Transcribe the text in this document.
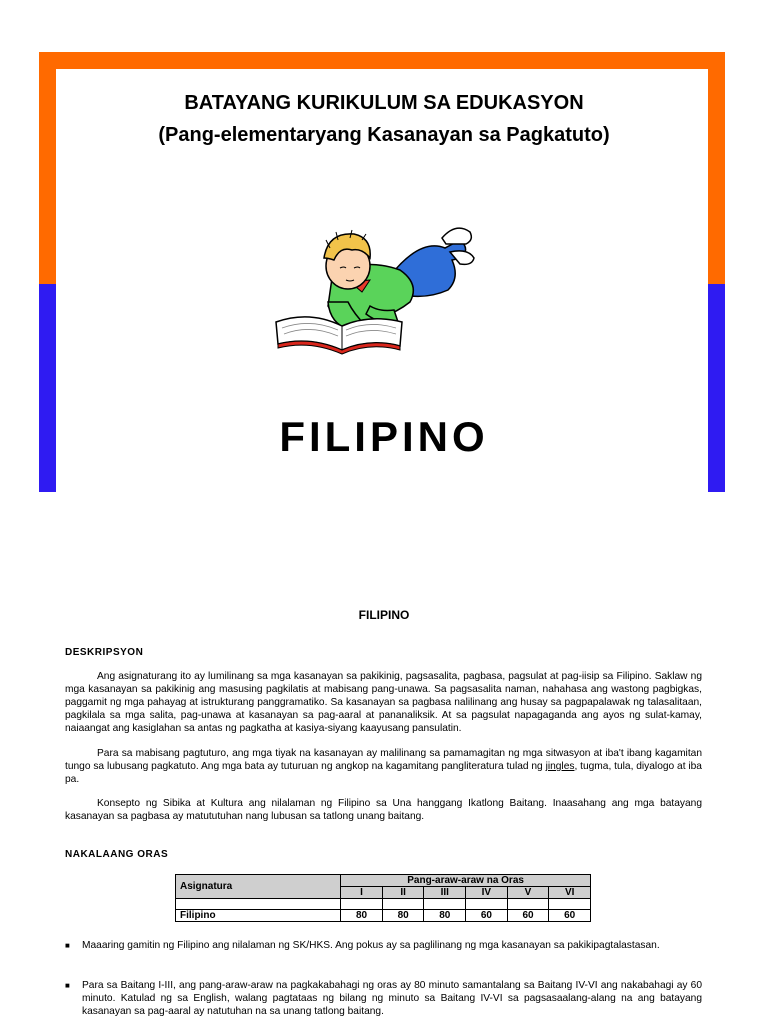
BATAYANG KURIKULUM SA EDUKASYON
(Pang-elementaryang Kasanayan sa Pagkatuto)
FILIPINO
FILIPINO
DESKRIPSYON

Ang asignaturang ito ay lumilinang sa mga kasanayan sa pakikinig, pagsasalita, pagbasa, pagsulat at pag-iisip sa Filipino. Saklaw ng mga kasanayan sa pakikinig ang masusing pagkilatis at mabisang pang-unawa. Sa pagsasalita naman, nahahasa ang wastong pagbigkas, paggamit ng mga pahayag at istrukturang panggramatiko. Sa kasanayan sa pagbasa nalilinang ang husay sa pagpapalawak ng talasalitaan, pagkilala sa mga salita, pag-unawa at kasanayan sa pag-aaral at pananaliksik. At sa pagsulat napagaganda ang ayos ng sulat-kamay, naiaangat ang kasiglahan sa antas ng pagkatha at kasiya-siyang kaayusang pansulatin.

Para sa mabisang pagtuturo, ang mga tiyak na kasanayan ay malilinang sa pamamagitan ng mga sitwasyon at iba't ibang kagamitan tungo sa lubusang pagkatuto. Ang mga bata ay tuturuan ng angkop na kagamitang pangliteratura tulad ng jingles, tugma, tula, diyalogo at iba pa.

Konsepto ng Sibika at Kultura ang nilalaman ng Filipino sa Una hanggang Ikatlong Baitang. Inaasahang ang mga batayang kasanayan sa pagbasa ay matututuhan nang lubusan sa tatlong unang baitang.

NAKALAANG ORAS
Asignatura	Pang-araw-araw na Oras					
	I	II	III	IV	V	VI

Filipino	80	80	80	60	60	60
■	Maaaring gamitin ng Filipino ang nilalaman ng SK/HKS. Ang pokus ay sa paglilinang ng mga kasanayan sa pakikipagtalastasan.
■	Para sa Baitang I-III, ang pang-araw-araw na pagkakabahagi ng oras ay 80 minuto samantalang sa Baitang IV-VI ang nakabahagi ay 60 minuto. Katulad ng sa English, walang pagtataas ng bilang ng minuto sa Baitang IV-VI sa pagsasaalang-alang na ang batayang kasanayan sa pag-aaral ay natutuhan na sa unang tatlong baitang.
